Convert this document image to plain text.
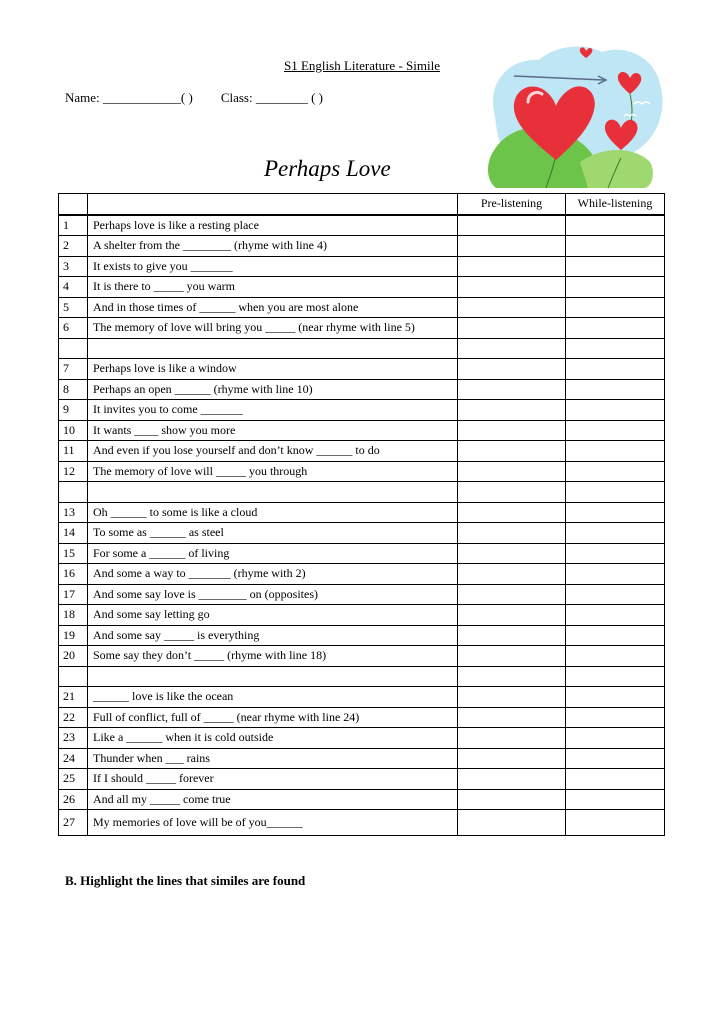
S1 English Literature - Simile
Name: ____________( ) Class: ________ ( )
Perhaps Love
		Pre-listening	While-listening
1	Perhaps love is like a resting place		
2	A shelter from the ________ (rhyme with line 4)		
3	It exists to give you _______		
4	It is there to _____ you warm		
5	And in those times of ______ when you are most alone		
6	The memory of love will bring you _____ (near rhyme with line 5)		

7	Perhaps love is like a window		
8	Perhaps an open ______ (rhyme with line 10)		
9	It invites you to come _______		
10	It wants ____ show you more		
11	And even if you lose yourself and don’t know ______ to do		
12	The memory of love will _____ you through		

13	Oh ______ to some is like a cloud		
14	To some as ______ as steel		
15	For some a ______ of living		
16	And some a way to _______ (rhyme with 2)		
17	And some say love is ________ on (opposites)		
18	And some say letting go		
19	And some say _____ is everything		
20	Some say they don’t _____ (rhyme with line 18)		

21	______ love is like the ocean		
22	Full of conflict, full of _____ (near rhyme with line 24)		
23	Like a ______ when it is cold outside		
24	Thunder when ___ rains		
25	If I should _____ forever		
26	And all my _____ come true		
27	My memories of love will be of you______		
B. Highlight the lines that similes are found
